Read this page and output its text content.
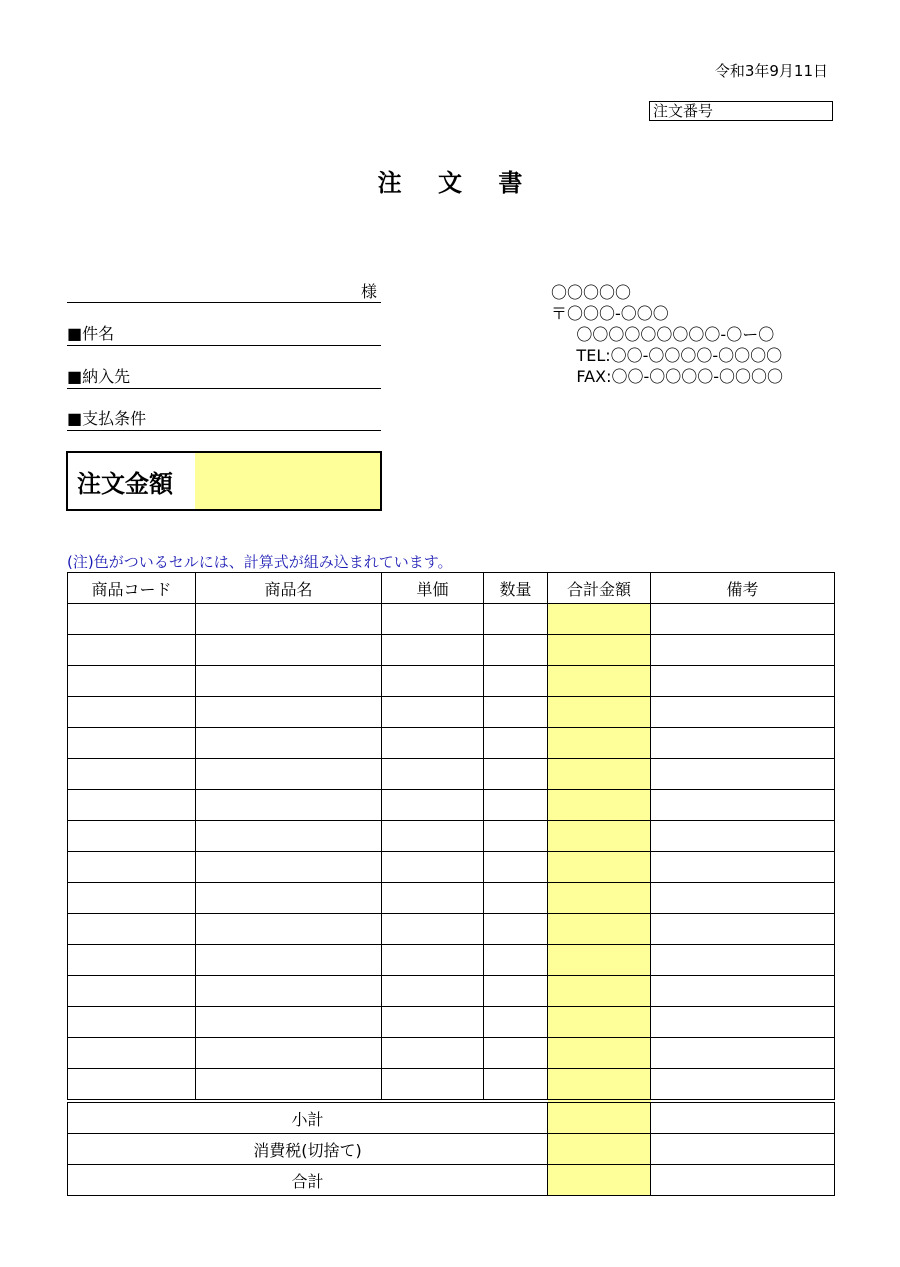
令和3年9月11日
注文番号
注 文 書
様
■件名
■納入先
■支払条件
〇〇〇〇〇
〒〇〇〇-〇〇〇
〇〇〇〇〇〇〇〇〇-〇ー〇
TEL:〇〇-〇〇〇〇-〇〇〇〇
FAX:〇〇-〇〇〇〇-〇〇〇〇
注文金額
(注)色がついるセルには、計算式が組み込まれています。
商品コード	商品名	単価	数量	合計金額	備考

小計					
消費税(切捨て)					
合計					
